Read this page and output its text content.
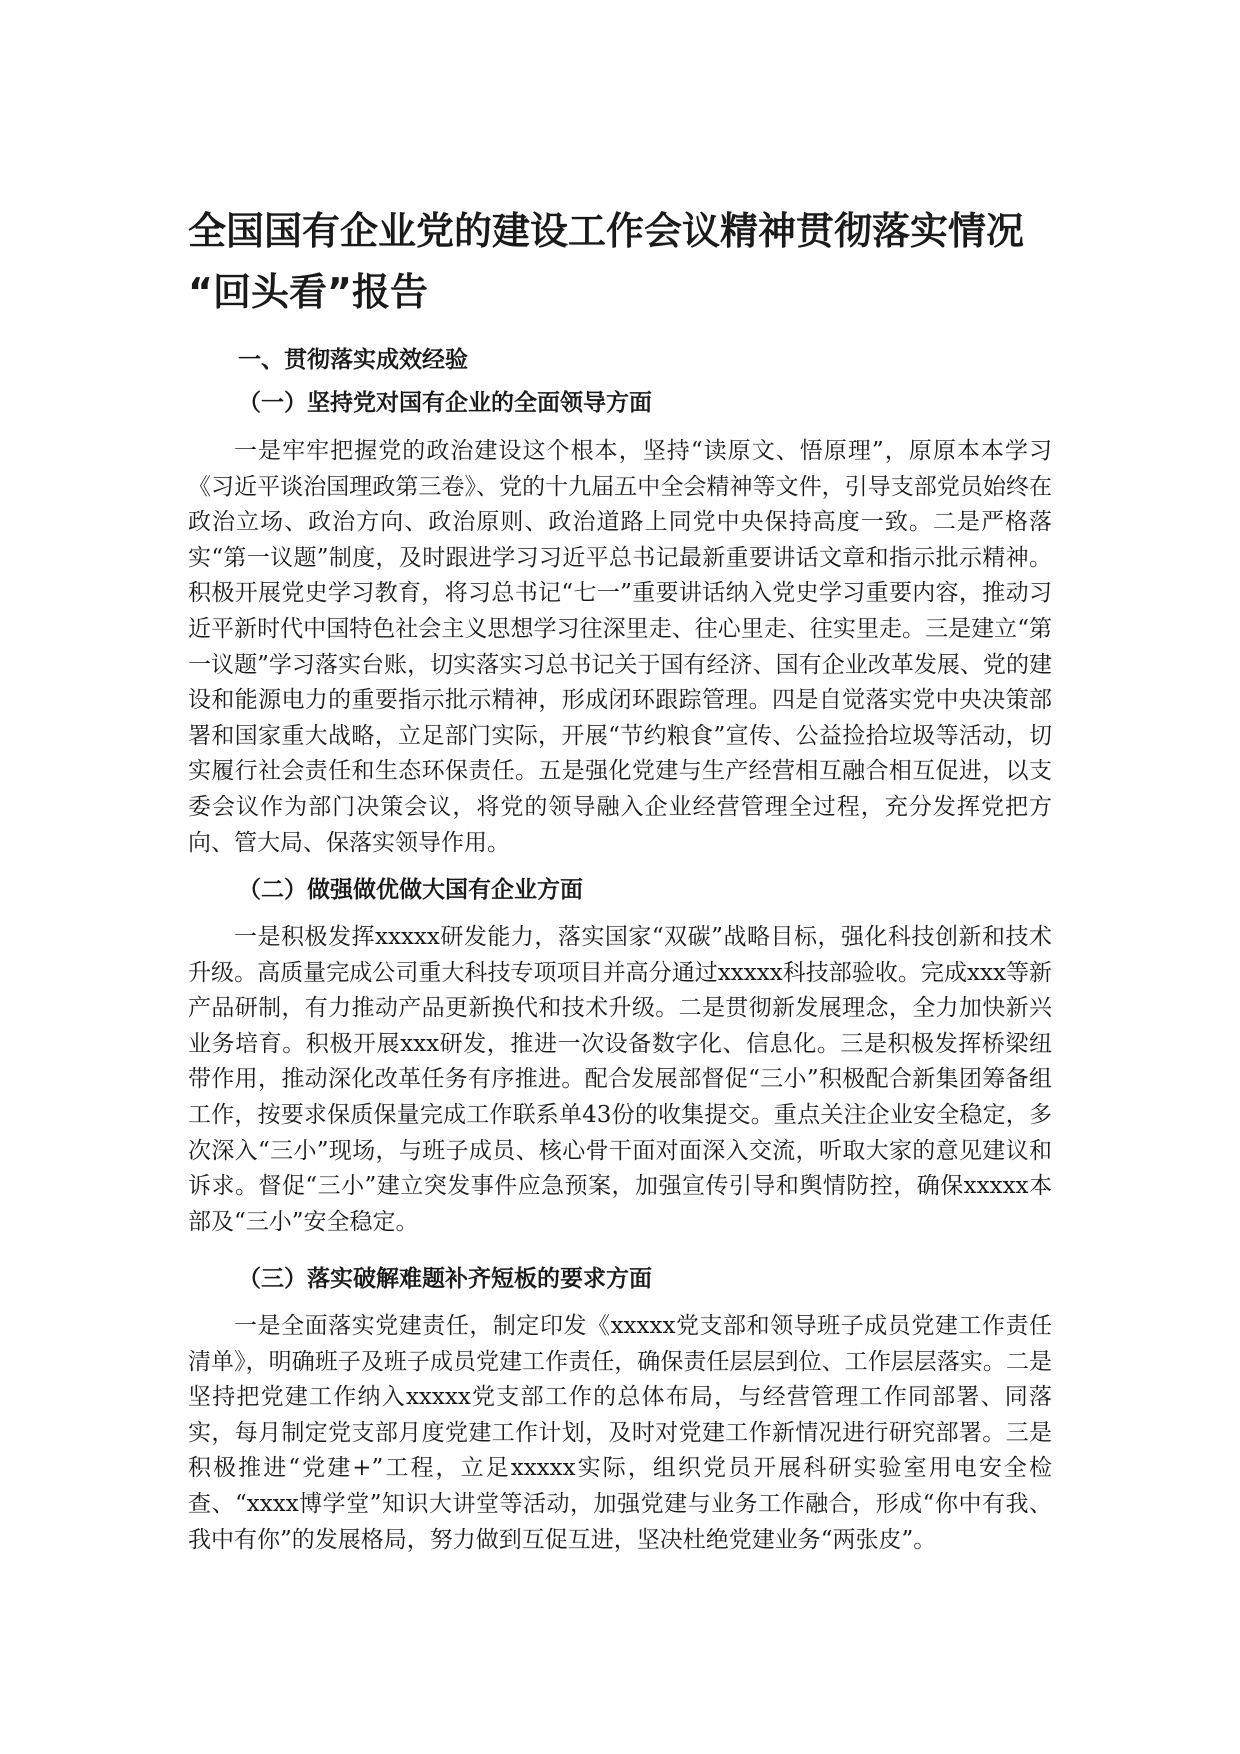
全国国有企业党的建设工作会议精神贯彻落实情况
“回头看”报告
一、贯彻落实成效经验
（一）坚持党对国有企业的全面领导方面

一是牢牢把握党的政治建设这个根本，坚持“读原文、悟原理”，原原本本学习《习近平谈治国理政第三卷》、党的十九届五中全会精神等文件，引导支部党员始终在政治立场、政治方向、政治原则、政治道路上同党中央保持高度一致。二是严格落实“第一议题”制度，及时跟进学习习近平总书记最新重要讲话文章和指示批示精神。积极开展党史学习教育，将习总书记“七一”重要讲话纳入党史学习重要内容，推动习近平新时代中国特色社会主义思想学习往深里走、往心里走、往实里走。三是建立“第一议题”学习落实台账，切实落实习总书记关于国有经济、国有企业改革发展、党的建设和能源电力的重要指示批示精神，形成闭环跟踪管理。四是自觉落实党中央决策部署和国家重大战略，立足部门实际，开展“节约粮食”宣传、公益捡拾垃圾等活动，切实履行社会责任和生态环保责任。五是强化党建与生产经营相互融合相互促进，以支委会议作为部门决策会议，将党的领导融入企业经营管理全过程，充分发挥党把方向、管大局、保落实领导作用。

（二）做强做优做大国有企业方面

一是积极发挥xxxxx研发能力，落实国家“双碳”战略目标，强化科技创新和技术升级。高质量完成公司重大科技专项项目并高分通过xxxxx科技部验收。完成xxx等新产品研制，有力推动产品更新换代和技术升级。二是贯彻新发展理念，全力加快新兴业务培育。积极开展xxx研发，推进一次设备数字化、信息化。三是积极发挥桥梁纽带作用，推动深化改革任务有序推进。配合发展部督促“三小”积极配合新集团筹备组工作，按要求保质保量完成工作联系单43份的收集提交。重点关注企业安全稳定，多次深入“三小”现场，与班子成员、核心骨干面对面深入交流，听取大家的意见建议和诉求。督促“三小”建立突发事件应急预案，加强宣传引导和舆情防控，确保xxxxx本部及“三小”安全稳定。

（三）落实破解难题补齐短板的要求方面

一是全面落实党建责任，制定印发《xxxxx党支部和领导班子成员党建工作责任清单》，明确班子及班子成员党建工作责任，确保责任层层到位、工作层层落实。二是坚持把党建工作纳入xxxxx党支部工作的总体布局，与经营管理工作同部署、同落实，每月制定党支部月度党建工作计划，及时对党建工作新情况进行研究部署。三是积极推进“党建+”工程，立足xxxxx实际，组织党员开展科研实验室用电安全检查、“xxxx博学堂”知识大讲堂等活动，加强党建与业务工作融合，形成“你中有我、我中有你”的发展格局，努力做到互促互进，坚决杜绝党建业务“两张皮”。
